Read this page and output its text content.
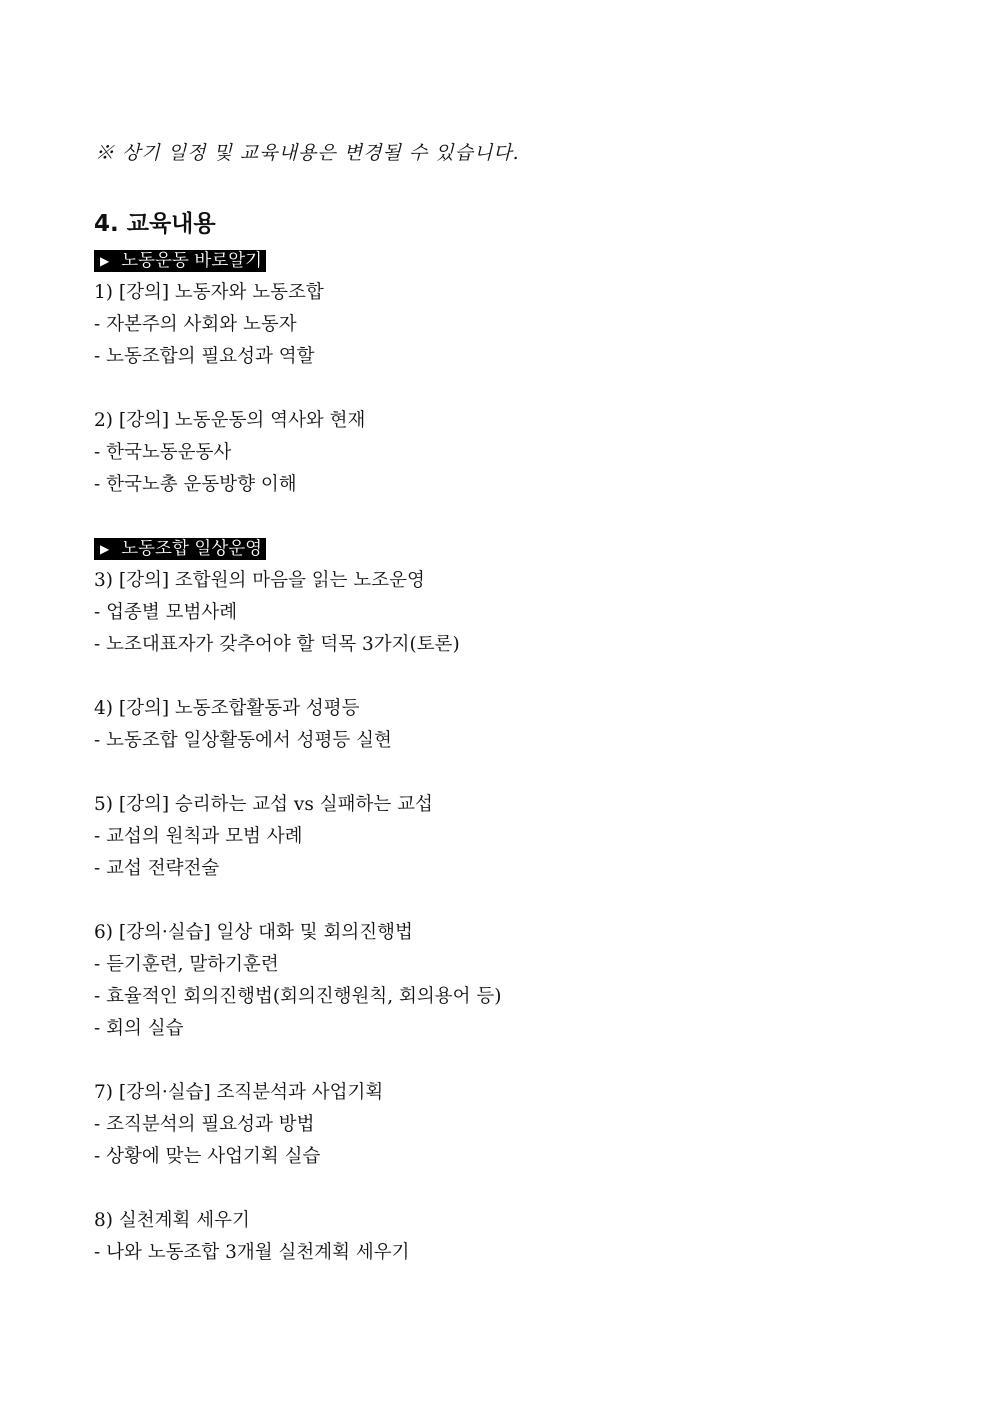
※ 상기 일정 및 교육내용은 변경될 수 있습니다.
4. 교육내용
▶ 노동운동 바로알기
1) [강의] 노동자와 노동조합
- 자본주의 사회와 노동자
- 노동조합의 필요성과 역할
2) [강의] 노동운동의 역사와 현재
- 한국노동운동사
- 한국노총 운동방향 이해
▶ 노동조합 일상운영
3) [강의] 조합원의 마음을 읽는 노조운영
- 업종별 모범사례
- 노조대표자가 갖추어야 할 덕목 3가지(토론)
4) [강의] 노동조합활동과 성평등
- 노동조합 일상활동에서 성평등 실현
5) [강의] 승리하는 교섭 vs 실패하는 교섭
- 교섭의 원칙과 모범 사례
- 교섭 전략전술
6) [강의·실습] 일상 대화 및 회의진행법
- 듣기훈련, 말하기훈련
- 효율적인 회의진행법(회의진행원칙, 회의용어 등)
- 회의 실습
7) [강의·실습] 조직분석과 사업기획
- 조직분석의 필요성과 방법
- 상황에 맞는 사업기획 실습
8) 실천계획 세우기
- 나와 노동조합 3개월 실천계획 세우기
